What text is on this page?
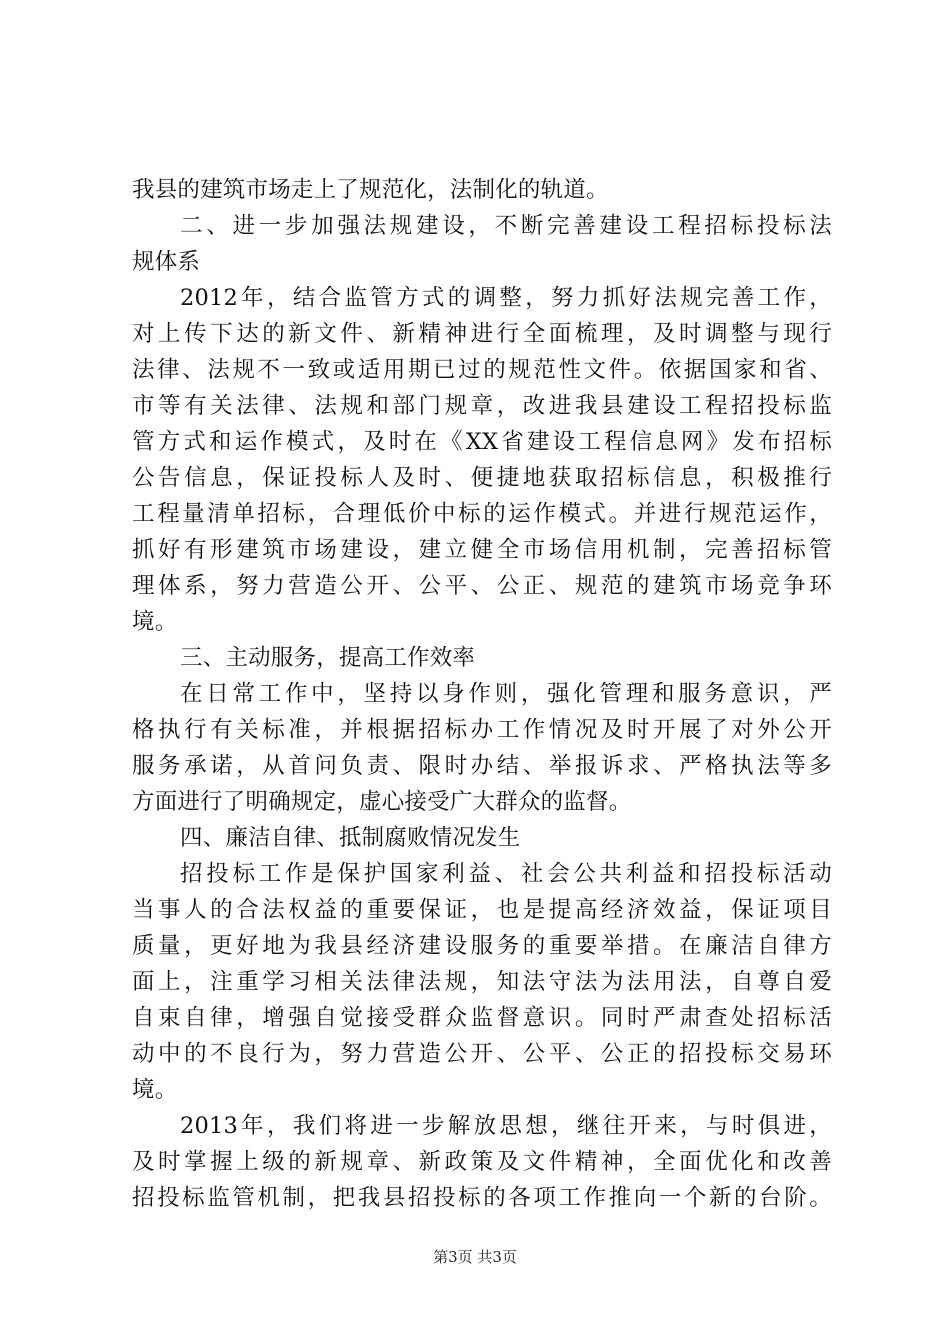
我县的建筑市场走上了规范化，法制化的轨道。
二、进一步加强法规建设，不断完善建设工程招标投标法
规体系
2012年，结合监管方式的调整，努力抓好法规完善工作，
对上传下达的新文件、新精神进行全面梳理，及时调整与现行
法律、法规不一致或适用期已过的规范性文件。依据国家和省、
市等有关法律、法规和部门规章，改进我县建设工程招投标监
管方式和运作模式，及时在《XX省建设工程信息网》发布招标
公告信息，保证投标人及时、便捷地获取招标信息，积极推行
工程量清单招标，合理低价中标的运作模式。并进行规范运作，
抓好有形建筑市场建设，建立健全市场信用机制，完善招标管
理体系，努力营造公开、公平、公正、规范的建筑市场竞争环
境。
三、主动服务，提高工作效率
在日常工作中，坚持以身作则，强化管理和服务意识，严
格执行有关标准，并根据招标办工作情况及时开展了对外公开
服务承诺，从首问负责、限时办结、举报诉求、严格执法等多
方面进行了明确规定，虚心接受广大群众的监督。
四、廉洁自律、抵制腐败情况发生
招投标工作是保护国家利益、社会公共利益和招投标活动
当事人的合法权益的重要保证，也是提高经济效益，保证项目
质量，更好地为我县经济建设服务的重要举措。在廉洁自律方
面上，注重学习相关法律法规，知法守法为法用法，自尊自爱
自束自律，增强自觉接受群众监督意识。同时严肃查处招标活
动中的不良行为，努力营造公开、公平、公正的招投标交易环
境。
2013年，我们将进一步解放思想，继往开来，与时俱进，
及时掌握上级的新规章、新政策及文件精神，全面优化和改善
招投标监管机制，把我县招投标的各项工作推向一个新的台阶。
第3页 共3页
